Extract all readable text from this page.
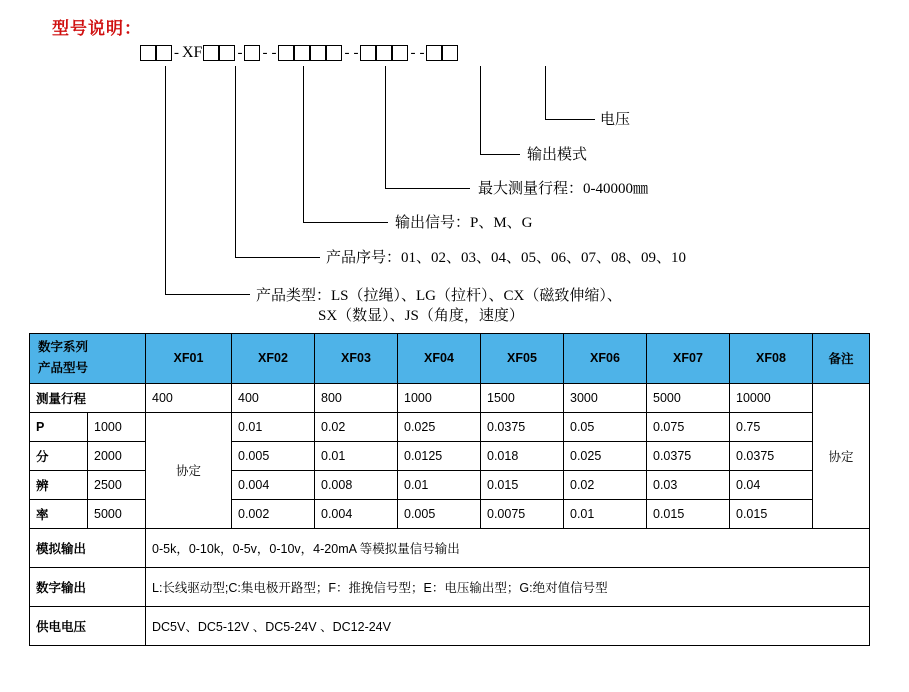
型号说明：
- XF - - -	- -	- -
电压
输出模式
最大测量行程：0-40000㎜
输出信号：P、M、G
产品序号：01、02、03、04、05、06、07、08、09、10
产品类型：LS（拉绳）、LG（拉杆）、CX（磁致伸缩）、
SX（数显）、JS（角度，速度）
数字系列
产品型号		XF01	XF02	XF03	XF04	XF05	XF06	XF07	XF08	备注

测量行程		400	400	800	1000	1500	3000	5000	10000	协定
P	1000	协定	0.01	0.02	0.025	0.0375	0.05	0.075	0.75	
分	2000		0.005	0.01	0.0125	0.018	0.025	0.0375	0.0375	
辨	2500		0.004	0.008	0.01	0.015	0.02	0.03	0.04	
率	5000		0.002	0.004	0.005	0.0075	0.01	0.015	0.015	
模拟输出		0-5k，0-10k，0-5v，0-10v，4-20mA 等模拟量信号输出								
数字输出		L:长线驱动型;C:集电极开路型；F：推挽信号型；E：电压输出型；G:绝对值信号型								
供电电压		DC5V、DC5-12V 、DC5-24V 、DC12-24V								
